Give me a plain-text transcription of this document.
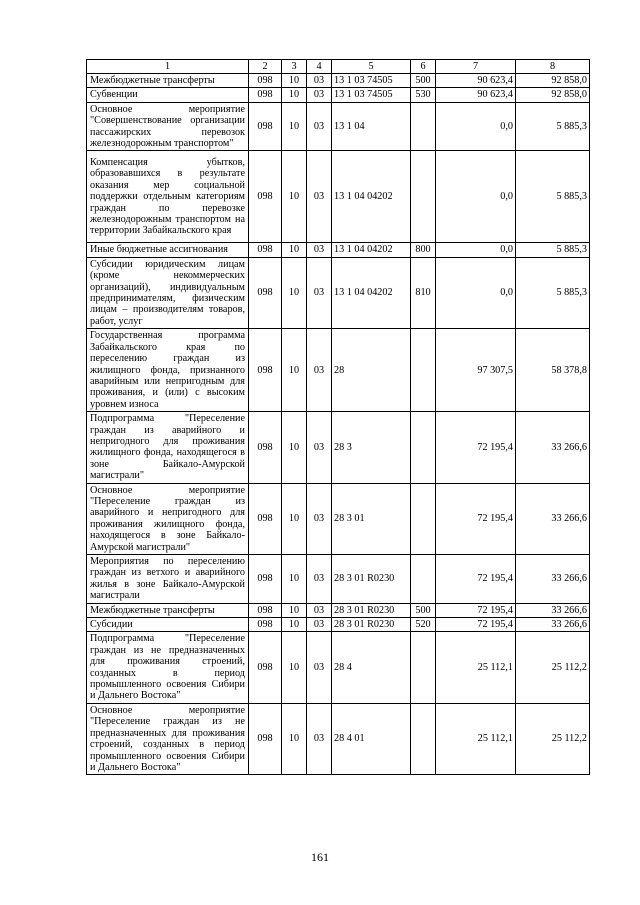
1	2	3	4	5	6	7	8
Межбюджетные трансферты	098	10	03	13 1 03 74505	500	90 623,4	92 858,0
Субвенции	098	10	03	13 1 03 74505	530	90 623,4	92 858,0
Основное мероприятие "Совершенствование организации пассажирских перевозок железнодорожным транспортом"	098	10	03	13 1 04		0,0	5 885,3
Компенсация убытков, образовавшихся в результате оказания мер социальной поддержки отдельным категориям граждан по перевозке железнодорожным транспортом на территории Забайкальского края	098	10	03	13 1 04 04202		0,0	5 885,3
Иные бюджетные ассигнования	098	10	03	13 1 04 04202	800	0,0	5 885,3
Субсидии юридическим лицам (кроме некоммерческих организаций), индивидуальным предпринимателям, физическим лицам – производителям товаров, работ, услуг	098	10	03	13 1 04 04202	810	0,0	5 885,3
Государственная программа Забайкальского края по переселению граждан из жилищного фонда, признанного аварийным или непригодным для проживания, и (или) с высоким уровнем износа	098	10	03	28		97 307,5	58 378,8
Подпрограмма "Переселение граждан из аварийного и непригодного для проживания жилищного фонда, находящегося в зоне Байкало-Амурской магистрали"	098	10	03	28 3		72 195,4	33 266,6
Основное мероприятие "Переселение граждан из аварийного и непригодного для проживания жилищного фонда, находящегося в зоне Байкало-Амурской магистрали"	098	10	03	28 3 01		72 195,4	33 266,6
Мероприятия по переселению граждан из ветхого и аварийного жилья в зоне Байкало-Амурской магистрали	098	10	03	28 3 01 R0230		72 195,4	33 266,6
Межбюджетные трансферты	098	10	03	28 3 01 R0230	500	72 195,4	33 266,6
Субсидии	098	10	03	28 3 01 R0230	520	72 195,4	33 266,6
Подпрограмма "Переселение граждан из не предназначенных для проживания строений, созданных в период промышленного освоения Сибири и Дальнего Востока"	098	10	03	28 4		25 112,1	25 112,2
Основное мероприятие "Переселение граждан из не предназначенных для проживания строений, созданных в период промышленного освоения Сибири и Дальнего Востока"	098	10	03	28 4 01		25 112,1	25 112,2
161
